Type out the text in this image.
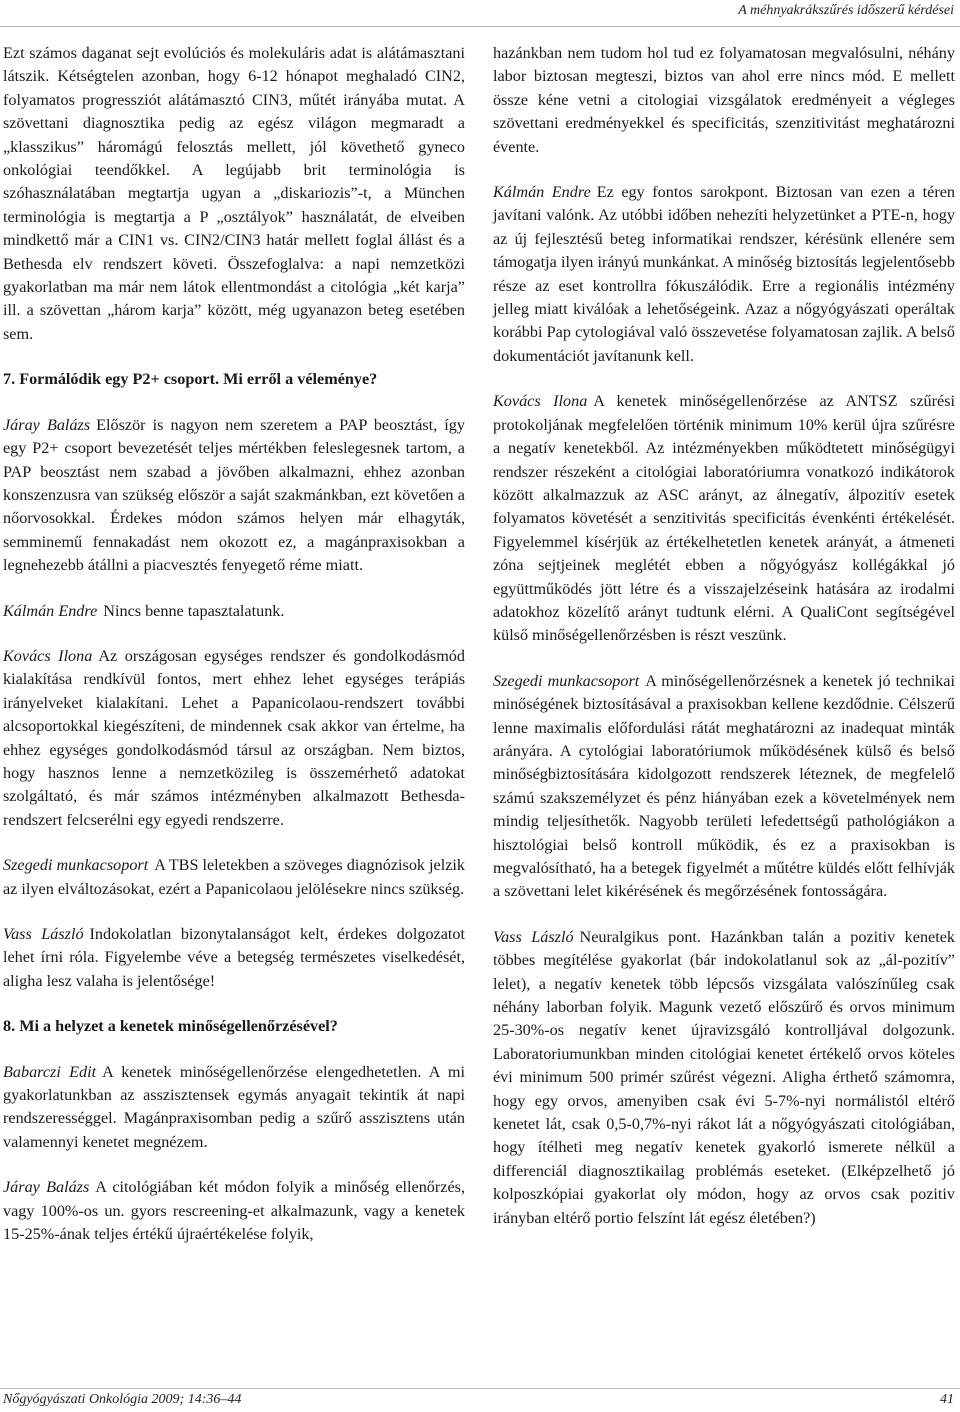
A méhnyakrákszűrés időszerű kérdései

Ezt számos daganat sejt evolúciós és molekuláris adat is alátámasztani látszik. Kétségtelen azonban, hogy 6-12 hónapot meghaladó CIN2, folyamatos progressziót alátámasztó CIN3, műtét irányába mutat. A szövettani diagnosztika pedig az egész világon megmaradt a „klasszikus” háromágú felosztás mellett, jól követhető gyneco onkológiai teendőkkel. A legújabb brit terminológia is szóhasználatában megtartja ugyan a „diskariozis”-t, a München terminológia is megtartja a P „osztályok” használatát, de elveiben mindkettő már a CIN1 vs. CIN2/CIN3 határ mellett foglal állást és a Bethesda elv rendszert követi. Összefoglalva: a napi nemzetközi gyakorlatban ma már nem látok ellentmondást a citológia „két karja” ill. a szövettan „három karja” között, még ugyanazon beteg esetében sem.

7. Formálódik egy P2+ csoport. Mi erről a véleménye?

Járay Balázs Először is nagyon nem szeretem a PAP beosztást, így egy P2+ csoport bevezetését teljes mértékben feleslegesnek tartom, a PAP beosztást nem szabad a jövőben alkalmazni, ehhez azonban konszenzusra van szükség először a saját szakmánkban, ezt követően a nőorvosokkal. Érdekes módon számos helyen már elhagyták, semminemű fennakadást nem okozott ez, a magánpraxisokban a legnehezebb átállni a piacvesztés fenyegető réme miatt.

Kálmán Endre Nincs benne tapasztalatunk.

Kovács Ilona Az országosan egységes rendszer és gondolkodásmód kialakítása rendkívül fontos, mert ehhez lehet egységes terápiás irányelveket kialakítani. Lehet a Papanicolaou-rendszert további alcsoportokkal kiegészíteni, de mindennek csak akkor van értelme, ha ehhez egységes gondolkodásmód társul az országban. Nem biztos, hogy hasznos lenne a nemzetközileg is összemérhető adatokat szolgáltató, és már számos intézményben alkalmazott Bethesda-rendszert felcserélni egy egyedi rendszerre.

Szegedi munkacsoport A TBS leletekben a szöveges diagnózisok jelzik az ilyen elváltozásokat, ezért a Papanicolaou jelölésekre nincs szükség.

Vass László Indokolatlan bizonytalanságot kelt, érdekes dolgozatot lehet írni róla. Figyelembe véve a betegség természetes viselkedését, aligha lesz valaha is jelentősége!

8. Mi a helyzet a kenetek minőségellenőrzésével?

Babarczi Edit A kenetek minőségellenőrzése elengedhetetlen. A mi gyakorlatunkban az asszisztensek egymás anyagait tekintik át napi rendszerességgel. Magánpraxisomban pedig a szűrő asszisztens után valamennyi kenetet megnézem.

Járay Balázs A citológiában két módon folyik a minőség ellenőrzés, vagy 100%-os un. gyors rescreening-et alkalmazunk, vagy a kenetek 15-25%-ának teljes értékű újraértékelése folyik,

hazánkban nem tudom hol tud ez folyamatosan megvalósulni, néhány labor biztosan megteszi, biztos van ahol erre nincs mód. E mellett össze kéne vetni a citologiai vizsgálatok eredményeit a végleges szövettani eredményekkel és specificitás, szenzitivitást meghatározni évente.

Kálmán Endre Ez egy fontos sarokpont. Biztosan van ezen a téren javítani valónk. Az utóbbi időben nehezíti helyzetünket a PTE-n, hogy az új fejlesztésű beteg informatikai rendszer, kérésünk ellenére sem támogatja ilyen irányú munkánkat. A minőség biztosítás legjelentősebb része az eset kontrollra fókuszálódik. Erre a regionális intézmény jelleg miatt kiválóak a lehetőségeink. Azaz a nőgyógyászati operáltak korábbi Pap cytologiával való összevetése folyamatosan zajlik. A belső dokumentációt javítanunk kell.

Kovács Ilona A kenetek minőségellenőrzése az ANTSZ szűrési protokoljának megfelelően történik minimum 10% kerül újra szűrésre a negatív kenetekből. Az intézményekben működtetett minőségügyi rendszer részeként a citológiai laboratóriumra vonatkozó indikátorok között alkalmazzuk az ASC arányt, az álnegatív, álpozitív esetek folyamatos követését a senzitivitás specificitás évenkénti értékelését. Figyelemmel kísérjük az értékelhetetlen kenetek arányát, a átmeneti zóna sejtjeinek meglétét ebben a nőgyógyász kollégákkal jó együttműködés jött létre és a visszajelzéseink hatására az irodalmi adatokhoz közelítő arányt tudtunk elérni. A QualiCont segítségével külső minőségellenőrzésben is részt veszünk.

Szegedi munkacsoport A minőségellenőrzésnek a kenetek jó technikai minőségének biztosításával a praxisokban kellene kezdődnie. Célszerű lenne maximalis előfordulási rátát meghatározni az inadequat minták arányára. A cytológiai laboratóriumok működésének külső és belső minőségbiztosítására kidolgozott rendszerek léteznek, de megfelelő számú szakszemélyzet és pénz hiányában ezek a követelmények nem mindig teljesíthetők. Nagyobb területi lefedettségű pathológiákon a hisztológiai belső kontroll működik, és ez a praxisokban is megvalósítható, ha a betegek figyelmét a műtétre küldés előtt felhívják a szövettani lelet kikérésének és megőrzésének fontosságára.

Vass László Neuralgikus pont. Hazánkban talán a pozitiv kenetek többes megítélése gyakorlat (bár indokolatlanul sok az „ál-pozitív” lelet), a negatív kenetek több lépcsős vizsgálata valószínűleg csak néhány laborban folyik. Magunk vezető előszűrő és orvos minimum 25-30%-os negatív kenet újravizsgáló kontrolljával dolgozunk. Laboratoriumunkban minden citológiai kenetet értékelő orvos köteles évi minimum 500 primér szűrést végezni. Aligha érthető számomra, hogy egy orvos, amenyiben csak évi 5-7%-nyi normálistól eltérő kenetet lát, csak 0,5-0,7%-nyi rákot lát a nőgyógyászati citológiában, hogy ítélheti meg negatív kenetek gyakorló ismerete nélkül a differenciál diagnosztikailag problémás eseteket. (Elképzelhető jó kolposzkópiai gyakorlat oly módon, hogy az orvos csak pozitiv irányban eltérő portio felszínt lát egész életében?)

Nőgyógyászati Onkológia 2009; 14:36–44	41
